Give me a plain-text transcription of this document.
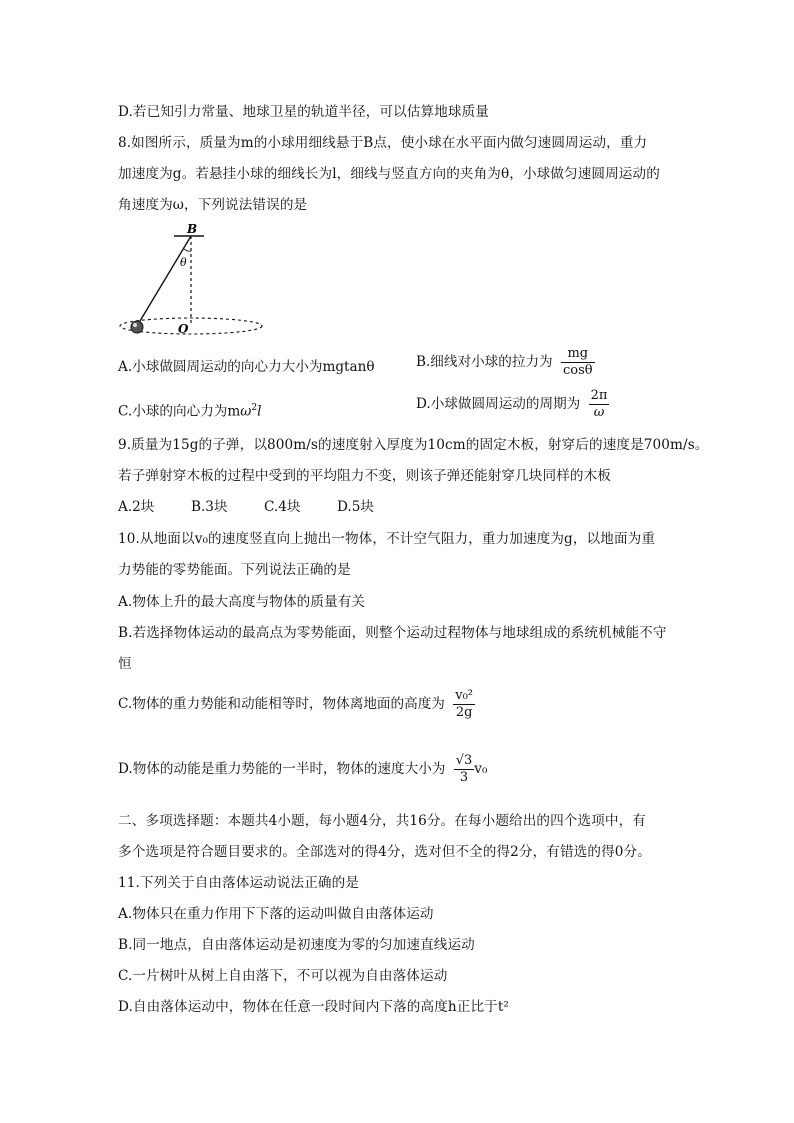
D.若已知引力常量、地球卫星的轨道半径，可以估算地球质量
8.如图所示，质量为m的小球用细线悬于B点，使小球在水平面内做匀速圆周运动，重力
加速度为g。若悬挂小球的细线长为l，细线与竖直方向的夹角为θ，小球做匀速圆周运动的
角速度为ω，下列说法错误的是
B
θ
O
A.小球做圆周运动的向心力大小为mgtanθ	B.细线对小球的拉力为 $\frac{mg}{\cos\theta}$
C.小球的向心力为$m\omega^2l$	D.小球做圆周运动的周期为 $\frac{2\pi}{\omega}$
9.质量为15g的子弹，以800m/s的速度射入厚度为10cm的固定木板，射穿后的速度是700m/s。
若子弹射穿木板的过程中受到的平均阻力不变，则该子弹还能射穿几块同样的木板
A.2块	B.3块	C.4块	D.5块
10.从地面以v₀的速度竖直向上抛出一物体，不计空气阻力，重力加速度为g，以地面为重
力势能的零势能面。下列说法正确的是
A.物体上升的最大高度与物体的质量有关
B.若选择物体运动的最高点为零势能面，则整个运动过程物体与地球组成的系统机械能不守
恒
C.物体的重力势能和动能相等时，物体离地面的高度为 $\frac{\text{v₀²}}{2g}$
D.物体的动能是重力势能的一半时，物体的速度大小为 $\frac{√3}{3} v_0$
二、多项选择题：本题共4小题，每小题4分，共16分。在每小题给出的四个选项中，有
多个选项是符合题目要求的。全部选对的得4分，选对但不全的得2分，有错选的得0分。
11.下列关于自由落体运动说法正确的是
A.物体只在重力作用下下落的运动叫做自由落体运动
B.同一地点，自由落体运动是初速度为零的匀加速直线运动
C.一片树叶从树上自由落下，不可以视为自由落体运动
D.自由落体运动中，物体在任意一段时间内下落的高度h正比于t²
